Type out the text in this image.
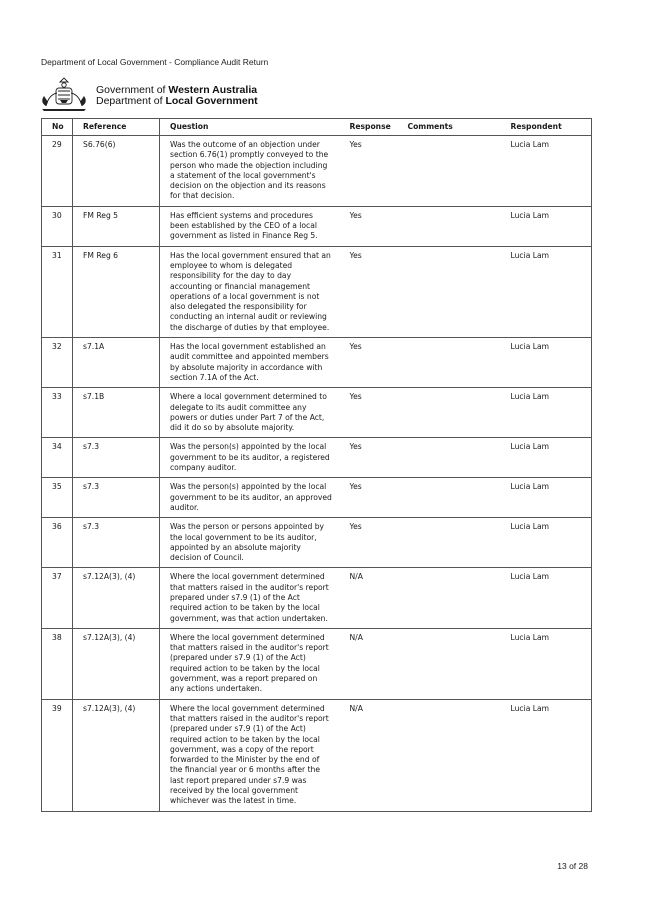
Department of Local Government - Compliance Audit Return
Government of Western Australia
Department of Local Government
No	Reference	Question	Response	Comments	Respondent
29	S6.76(6)	Was the outcome of an objection under section 6.76(1) promptly conveyed to the person who made the objection including a statement of the local government's decision on the objection and its reasons for that decision.	Yes		Lucia Lam
30	FM Reg 5	Has efficient systems and procedures been established by the CEO of a local government as listed in Finance Reg 5.	Yes		Lucia Lam
31	FM Reg 6	Has the local government ensured that an employee to whom is delegated responsibility for the day to day accounting or financial management operations of a local government is not also delegated the responsibility for conducting an internal audit or reviewing the discharge of duties by that employee.	Yes		Lucia Lam
32	s7.1A	Has the local government established an audit committee and appointed members by absolute majority in accordance with section 7.1A of the Act.	Yes		Lucia Lam
33	s7.1B	Where a local government determined to delegate to its audit committee any powers or duties under Part 7 of the Act, did it do so by absolute majority.	Yes		Lucia Lam
34	s7.3	Was the person(s) appointed by the local government to be its auditor, a registered company auditor.	Yes		Lucia Lam
35	s7.3	Was the person(s) appointed by the local government to be its auditor, an approved auditor.	Yes		Lucia Lam
36	s7.3	Was the person or persons appointed by the local government to be its auditor, appointed by an absolute majority decision of Council.	Yes		Lucia Lam
37	s7.12A(3), (4)	Where the local government determined that matters raised in the auditor's report prepared under s7.9 (1) of the Act required action to be taken by the local government, was that action undertaken.	N/A		Lucia Lam
38	s7.12A(3), (4)	Where the local government determined that matters raised in the auditor's report (prepared under s7.9 (1) of the Act) required action to be taken by the local government, was a report prepared on any actions undertaken.	N/A		Lucia Lam
39	s7.12A(3), (4)	Where the local government determined that matters raised in the auditor's report (prepared under s7.9 (1) of the Act) required action to be taken by the local government, was a copy of the report forwarded to the Minister by the end of the financial year or 6 months after the last report prepared under s7.9 was received by the local government whichever was the latest in time.	N/A		Lucia Lam
13 of 28
